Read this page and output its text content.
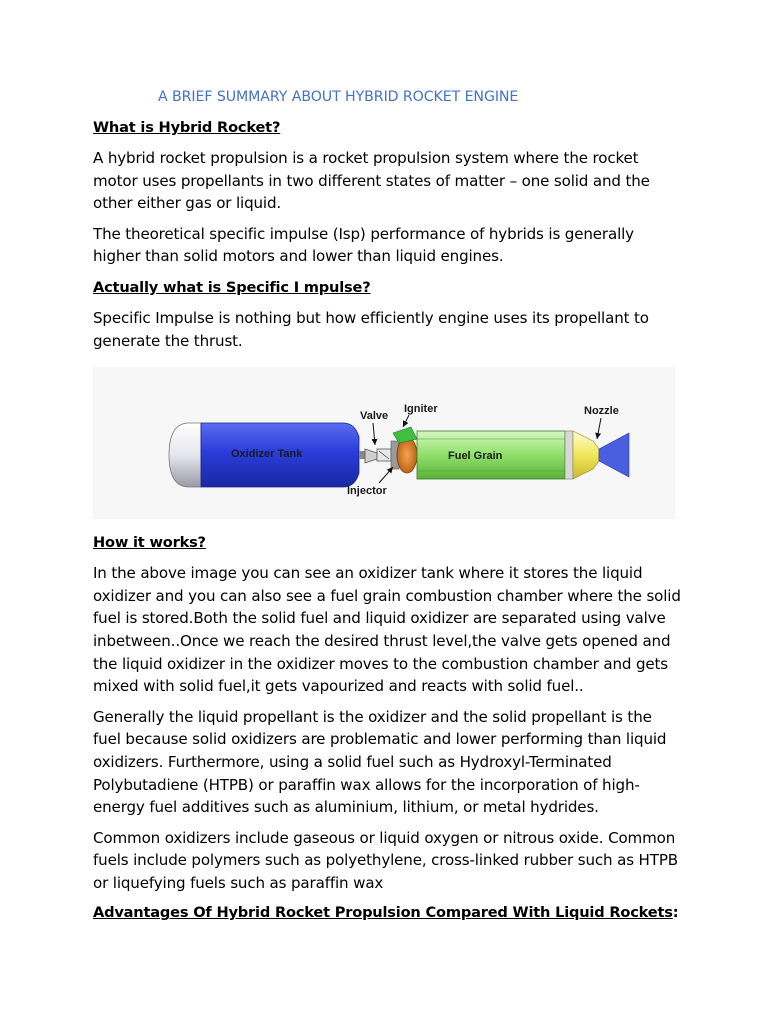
A BRIEF SUMMARY ABOUT HYBRID ROCKET ENGINE
What is Hybrid Rocket?

A hybrid rocket propulsion is a rocket propulsion system where the rocket motor uses propellants in two different states of matter – one solid and the other either gas or liquid.

The theoretical specific impulse (Isp) performance of hybrids is generally higher than solid motors and lower than liquid engines.

Actually what is Specific I mpulse?

Specific Impulse is nothing but how efficiently engine uses its propellant to generate the thrust.

Oxidizer Tank	Fuel Grain
Valve
Igniter	Nozzle
Injector
How it works?

In the above image you can see an oxidizer tank where it stores the liquid oxidizer and you can also see a fuel grain combustion chamber where the solid fuel is stored.Both the solid fuel and liquid oxidizer are separated using valve inbetween..Once we reach the desired thrust level,the valve gets opened and the liquid oxidizer in the oxidizer moves to the combustion chamber and gets mixed with solid fuel,it gets vapourized and reacts with solid fuel..

Generally the liquid propellant is the oxidizer and the solid propellant is the fuel because solid oxidizers are problematic and lower performing than liquid oxidizers. Furthermore, using a solid fuel such as Hydroxyl-Terminated Polybutadiene (HTPB) or paraffin wax allows for the incorporation of high-energy fuel additives such as aluminium, lithium, or metal hydrides.

Common oxidizers include gaseous or liquid oxygen or nitrous oxide. Common fuels include polymers such as polyethylene, cross-linked rubber such as HTPB or liquefying fuels such as paraffin wax

Advantages Of Hybrid Rocket Propulsion Compared With Liquid Rockets:
